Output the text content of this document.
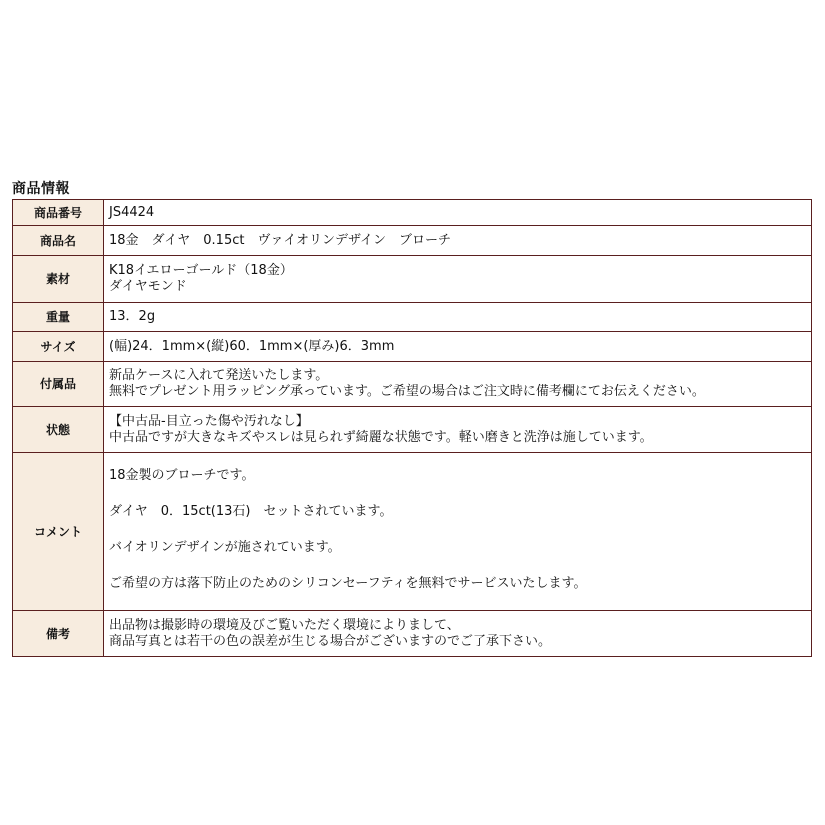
商品情報
商品番号	JS4424
商品名	18金　ダイヤ　0.15ct　ヴァイオリンデザイン　ブローチ
素材	K18イエローゴールド（18金）
ダイヤモンド

重量	13．2g
サイズ	(幅)24．1mm×(縦)60．1mm×(厚み)6．3mm
付属品	新品ケースに入れて発送いたします。
無料でプレゼント用ラッピング承っています。ご希望の場合はご注文時に備考欄にてお伝えください。

状態	【中古品-目立った傷や汚れなし】
中古品ですが大きなキズやスレは見られず綺麗な状態です。軽い磨きと洗浄は施しています。

コメント	18金製のブローチです。
ダイヤ　0．15ct(13石)　セットされています。
バイオリンデザインが施されています。
ご希望の方は落下防止のためのシリコンセーフティを無料でサービスいたします。

備考	出品物は撮影時の環境及びご覧いただく環境によりまして、
商品写真とは若干の色の誤差が生じる場合がございますのでご了承下さい。
